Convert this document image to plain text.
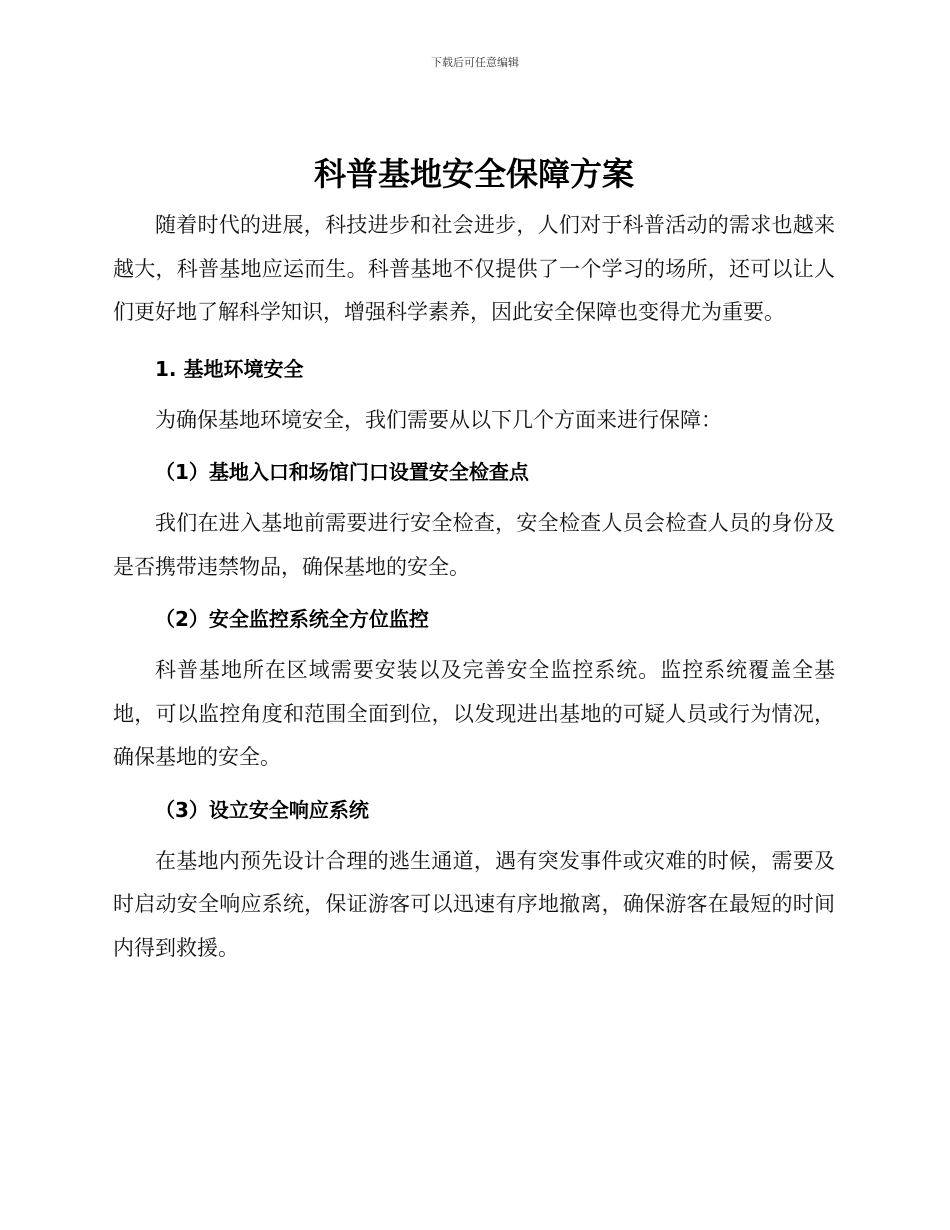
下载后可任意编辑
科普基地安全保障方案

随着时代的进展，科技进步和社会进步，人们对于科普活动的需求也越来越大，科普基地应运而生。科普基地不仅提供了一个学习的场所，还可以让人们更好地了解科学知识，增强科学素养，因此安全保障也变得尤为重要。

1. 基地环境安全

为确保基地环境安全，我们需要从以下几个方面来进行保障：

（1）基地入口和场馆门口设置安全检查点

我们在进入基地前需要进行安全检查，安全检查人员会检查人员的身份及是否携带违禁物品，确保基地的安全。

（2）安全监控系统全方位监控

科普基地所在区域需要安装以及完善安全监控系统。监控系统覆盖全基地，可以监控角度和范围全面到位，以发现进出基地的可疑人员或行为情况，确保基地的安全。

（3）设立安全响应系统

在基地内预先设计合理的逃生通道，遇有突发事件或灾难的时候，需要及时启动安全响应系统，保证游客可以迅速有序地撤离，确保游客在最短的时间内得到救援。
